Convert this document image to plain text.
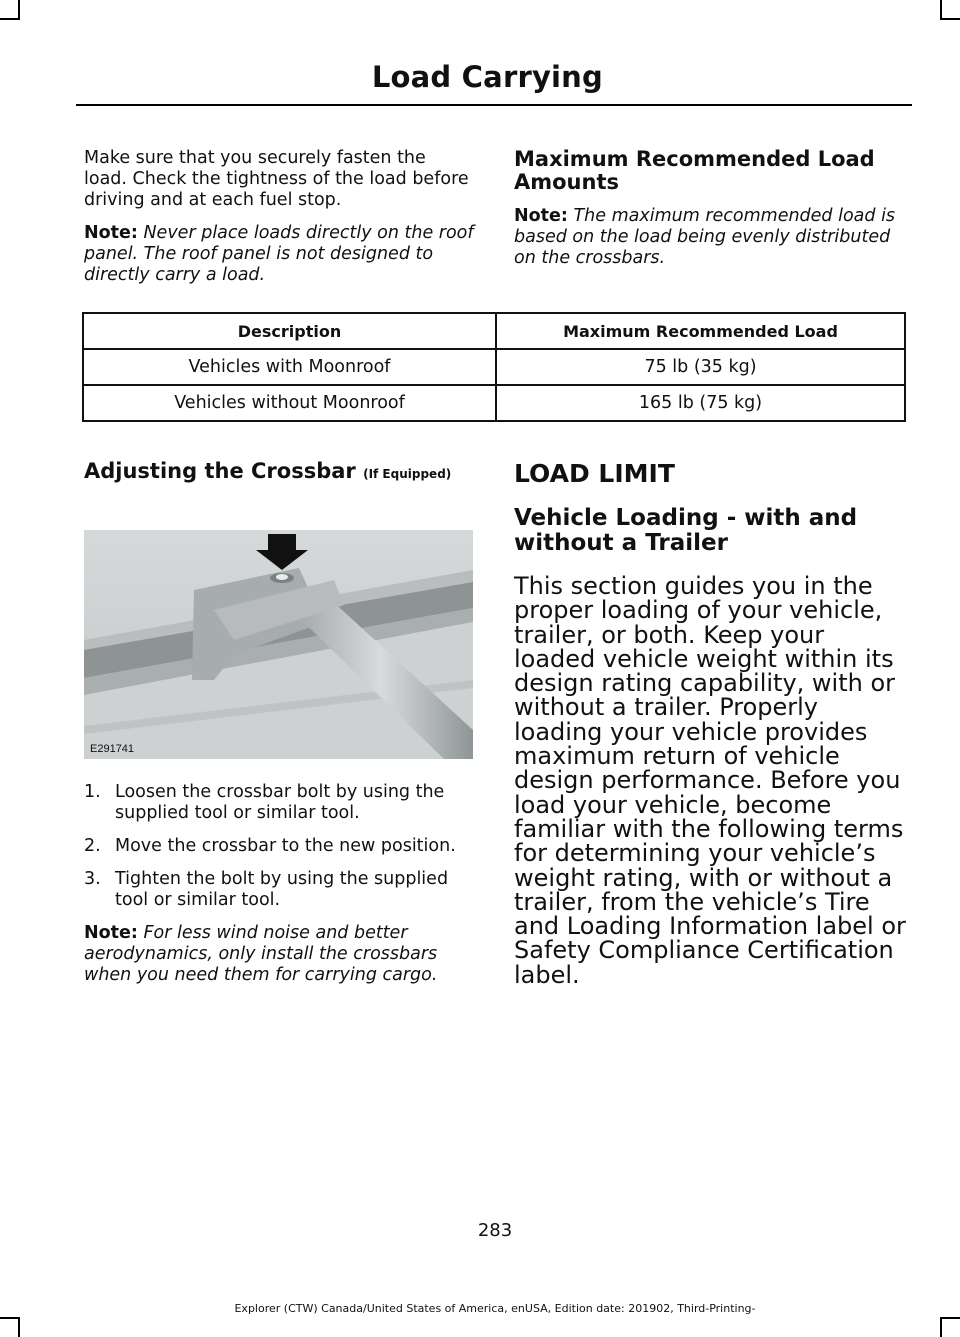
Load Carrying

Make sure that you securely fasten the load. Check the tightness of the load before driving and at each fuel stop.

Note: Never place loads directly on the roof panel. The roof panel is not designed to directly carry a load.

Maximum Recommended Load Amounts

Note: The maximum recommended load is based on the load being evenly distributed on the crossbars.

Description	Maximum Recommended Load
Vehicles with Moonroof	75 lb (35 kg)
Vehicles without Moonroof	165 lb (75 kg)
Adjusting the Crossbar (If Equipped)
E291741
1. Loosen the crossbar bolt by using the supplied tool or similar tool.
2. Move the crossbar to the new position.
3. Tighten the bolt by using the supplied tool or similar tool.

Note: For less wind noise and better aerodynamics, only install the crossbars when you need them for carrying cargo.

LOAD LIMIT
Vehicle Loading - with and without a Trailer

This section guides you in the proper loading of your vehicle, trailer, or both. Keep your loaded vehicle weight within its design rating capability, with or without a trailer. Properly loading your vehicle provides maximum return of vehicle design performance. Before you load your vehicle, become familiar with the following terms for determining your vehicle’s weight rating, with or without a trailer, from the vehicle’s Tire and Loading Information label or Safety Compliance Certification label.

283
Explorer (CTW) Canada/United States of America, enUSA, Edition date: 201902, Third-Printing-
